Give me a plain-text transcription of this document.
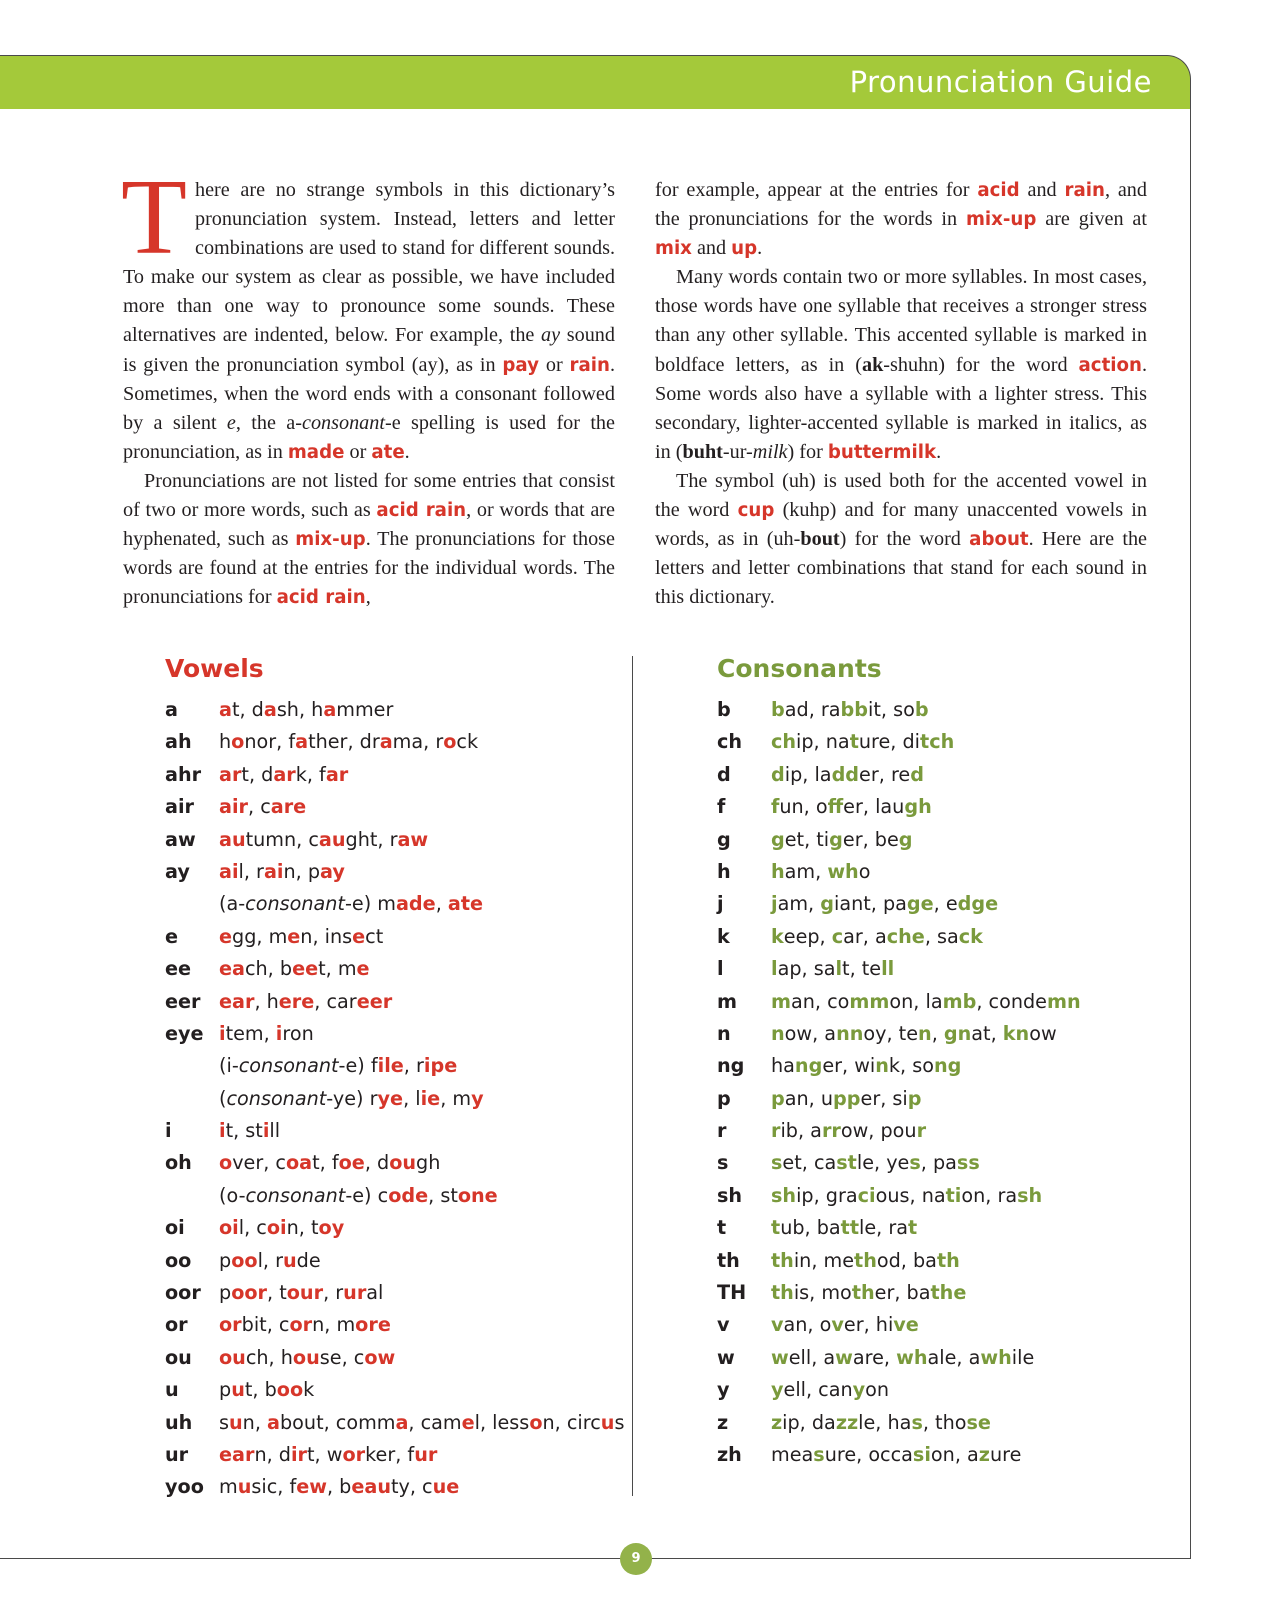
Pronunciation Guide
9

There are no strange symbols in this dictionary’s pronunciation system. Instead, letters and letter combinations are used to stand for different sounds. To make our system as clear as possible, we have included more than one way to pronounce some sounds. These alternatives are indented, below. For example, the ay sound is given the pronunciation symbol (ay), as in pay or rain. Sometimes, when the word ends with a consonant followed by a silent e, the a-consonant-e spelling is used for the pronunciation, as in made or ate.

Pronunciations are not listed for some entries that consist of two or more words, such as acid rain, or words that are hyphenated, such as mix-up. The pronunciations for those words are found at the entries for the individual words. The pronunciations for acid rain,

for example, appear at the entries for acid and rain, and the pronunciations for the words in mix-up are given at mix and up.

Many words contain two or more syllables. In most cases, those words have one syllable that receives a stronger stress than any other syllable. This accented syllable is marked in boldface letters, as in (ak-shuhn) for the word action. Some words also have a syllable with a lighter stress. This secondary, lighter-accented syllable is marked in italics, as in (buht-ur-milk) for buttermilk.

The symbol (uh) is used both for the accented vowel in the word cup (kuhp) and for many unaccented vowels in words, as in (uh-bout) for the word about. Here are the letters and letter combinations that stand for each sound in this dictionary.

Vowels	Consonants
a at, dash, hammer
ah honor, father, drama, rock
ahr art, dark, far
air air, care
aw autumn, caught, raw
ay ail, rain, pay
(a-consonant-e) made, ate
e egg, men, insect
ee each, beet, me
eer ear, here, career
eye item, iron
(i-consonant-e) file, ripe
(consonant-ye) rye, lie, my
i it, still
oh over, coat, foe, dough
(o-consonant-e) code, stone
oi oil, coin, toy
oo pool, rude
oor poor, tour, rural
or orbit, corn, more
ou ouch, house, cow
u put, book
uh sun, about, comma, camel, lesson, circus
ur earn, dirt, worker, fur
yoo music, few, beauty, cue
b bad, rabbit, sob
ch chip, nature, ditch
d dip, ladder, red
f fun, offer, laugh
g get, tiger, beg
h ham, who
j jam, giant, page, edge
k keep, car, ache, sack
l lap, salt, tell
m man, common, lamb, condemn
n now, annoy, ten, gnat, know
ng hanger, wink, song
p pan, upper, sip
r rib, arrow, pour
s set, castle, yes, pass
sh ship, gracious, nation, rash
t tub, battle, rat
th thin, method, bath
TH this, mother, bathe
v van, over, hive
w well, aware, whale, awhile
y yell, canyon
z zip, dazzle, has, those
zh measure, occasion, azure
